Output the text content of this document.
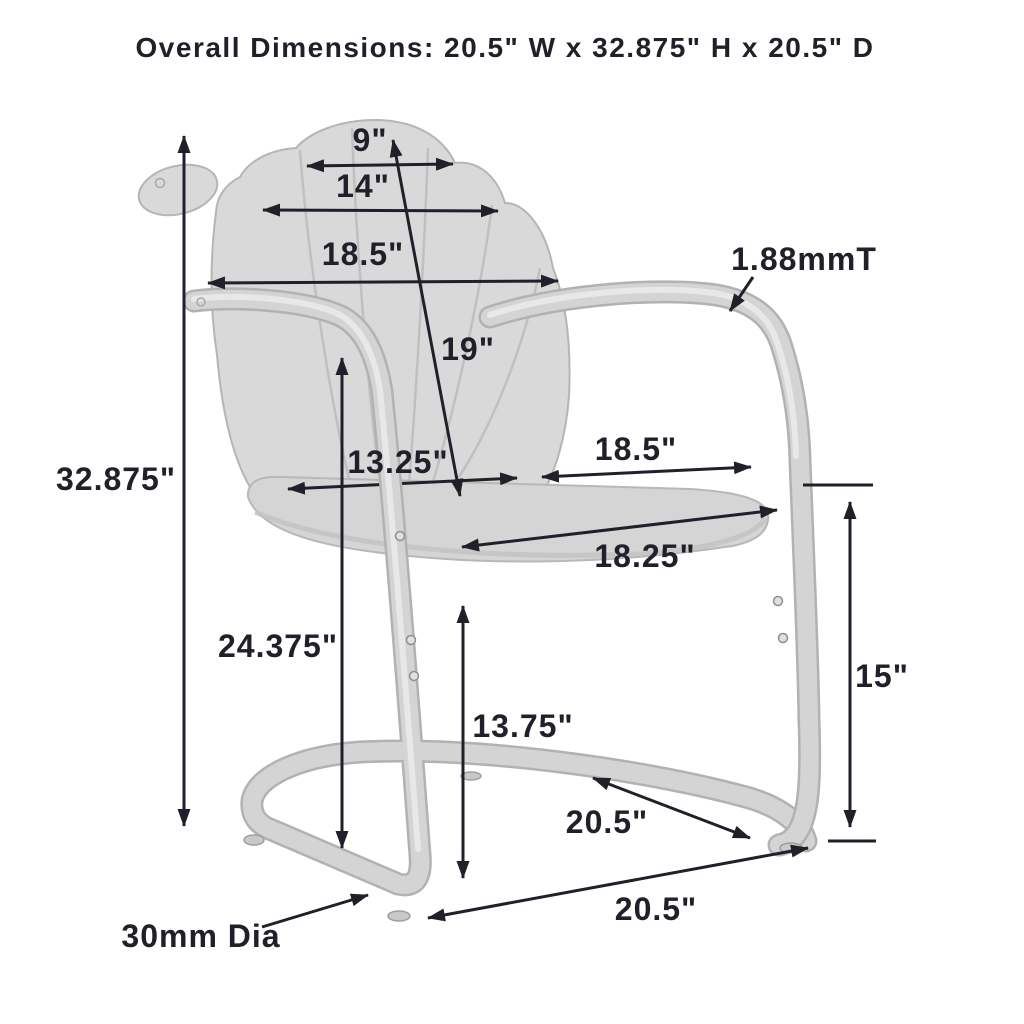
Overall Dimensions: 20.5" W x 32.875" H x 20.5" D
9"
14"
18.5"
19"
1.88mmT
13.25"	18.5"
18.25"
32.875"
24.375"
13.75"
15"
20.5"
20.5"
30mm Dia
